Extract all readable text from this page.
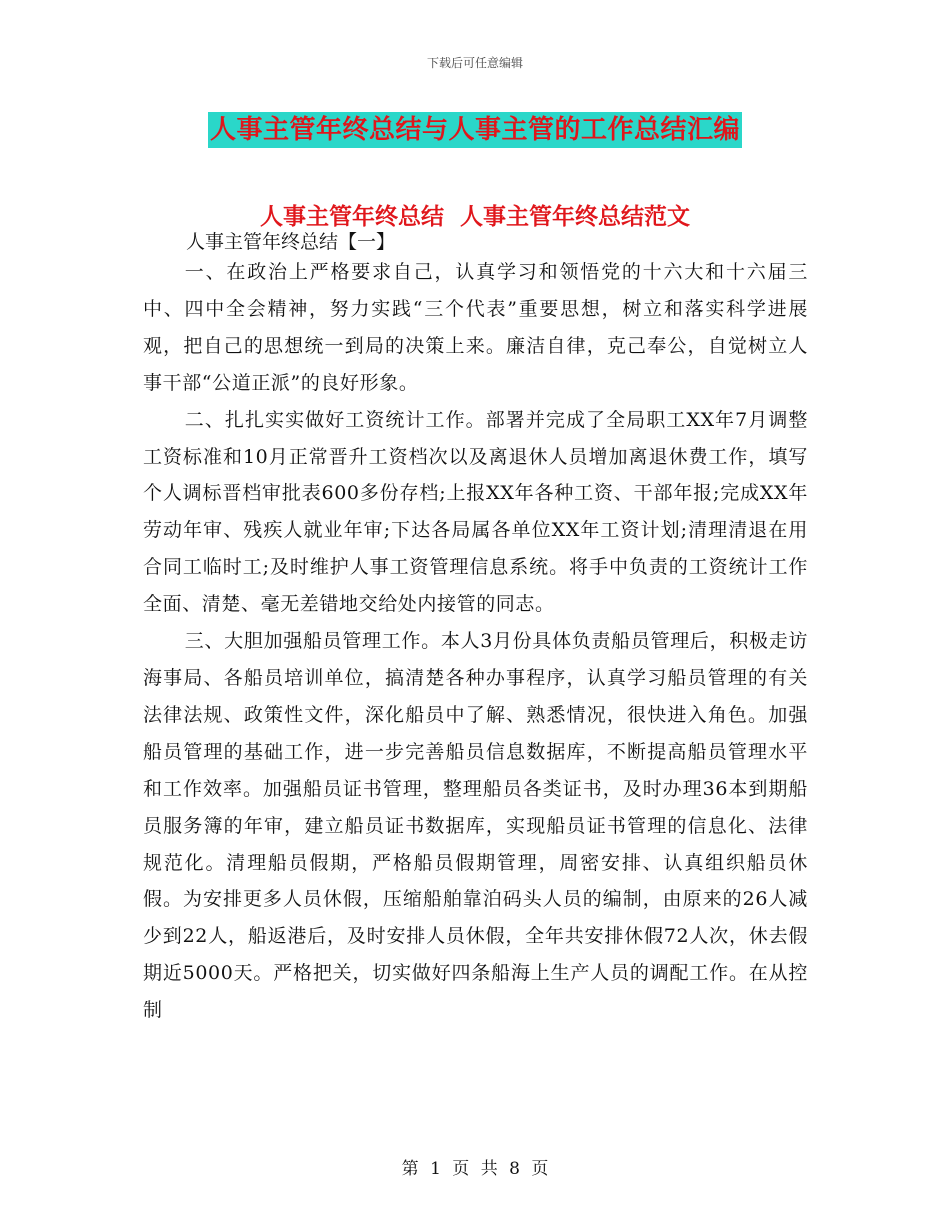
下载后可任意编辑
人事主管年终总结与人事主管的工作总结汇编
人事主管年终总结  人事主管年终总结范文
人事主管年终总结【一】

一、在政治上严格要求自己，认真学习和领悟党的十六大和十六届三中、四中全会精神，努力实践“三个代表”重要思想，树立和落实科学进展观，把自己的思想统一到局的决策上来。廉洁自律，克己奉公，自觉树立人事干部“公道正派”的良好形象。

二、扎扎实实做好工资统计工作。部署并完成了全局职工XX年7月调整工资标准和10月正常晋升工资档次以及离退休人员增加离退休费工作，填写个人调标晋档审批表600多份存档;上报XX年各种工资、干部年报;完成XX年劳动年审、残疾人就业年审;下达各局属各单位XX年工资计划;清理清退在用合同工临时工;及时维护人事工资管理信息系统。将手中负责的工资统计工作全面、清楚、毫无差错地交给处内接管的同志。

三、大胆加强船员管理工作。本人3月份具体负责船员管理后，积极走访海事局、各船员培训单位，搞清楚各种办事程序，认真学习船员管理的有关法律法规、政策性文件，深化船员中了解、熟悉情况，很快进入角色。加强船员管理的基础工作，进一步完善船员信息数据库，不断提高船员管理水平和工作效率。加强船员证书管理，整理船员各类证书，及时办理36本到期船员服务簿的年审，建立船员证书数据库，实现船员证书管理的信息化、法律规范化。清理船员假期，严格船员假期管理，周密安排、认真组织船员休假。为安排更多人员休假，压缩船舶靠泊码头人员的编制，由原来的26人减少到22人，船返港后，及时安排人员休假，全年共安排休假72人次，休去假期近5000天。严格把关，切实做好四条船海上生产人员的调配工作。在从控制

第 1 页 共 8 页
